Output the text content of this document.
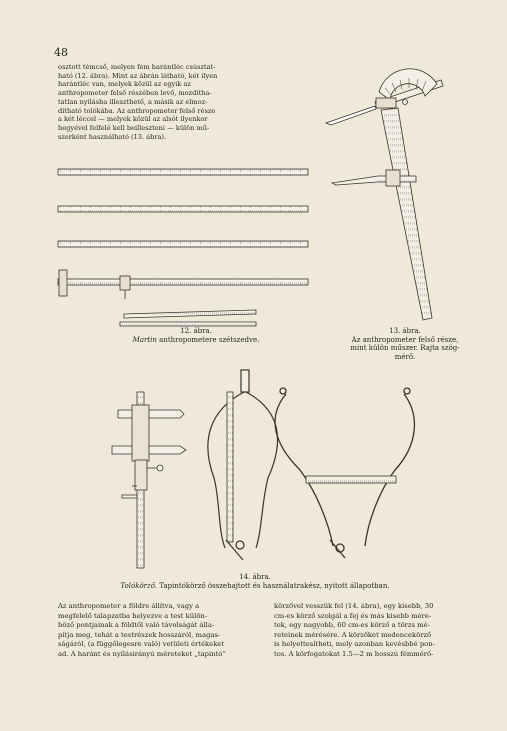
48
osztott témcső, melyen fém harántléc csúsztat-
ható (12. ábra). Mint az ábrán látható, két ilyen
harántléc van, melyek közül az egyik az
anthropometer felső részében levő, mozdítha-
tatlan nyílásba illeszthető, a másik az elmoz-
dítható tolókába. Az anthropometer felső része
a két léccel — melyek közül az alsót ilyenkor
begyével felfelé kell beilleszteni — külön mű-
szerként használható (13. ábra).
12. ábra.
Martin anthropometere szétszedve.
13. ábra.
Az anthropometer felső része,
mint külön műszer. Rajta szög-
mérő.
14. ábra.
Tolókörző. Tapintókörző összehajtott és használatrakész, nyitott állapotban.
Az anthropometer a földre állítva, vagy a
megfelelő talapzatba helyezve a test külön-
böző pontjainak a földtől való távolságát álla-
pítja meg, tehát a testrészek hosszáról, magas-
ságáról, (a függőlegesre való) vetületi értékeket
ad. A haránt és nyílásirányú méreteket „tapintó”
körzővel vesszük fel (14. ábra), egy kisebb, 30
cm-es körző szolgál a fej és más kisebb mére-
tek, egy nagyobb, 60 cm-es körző a törzs mé-
reteinek mérésére. A körzőket medencekörző
is helyettesítheti, mely azonban kevésbbé pon-
tos. A körfogatokat 1.5—2 m hosszú fémmérő-
